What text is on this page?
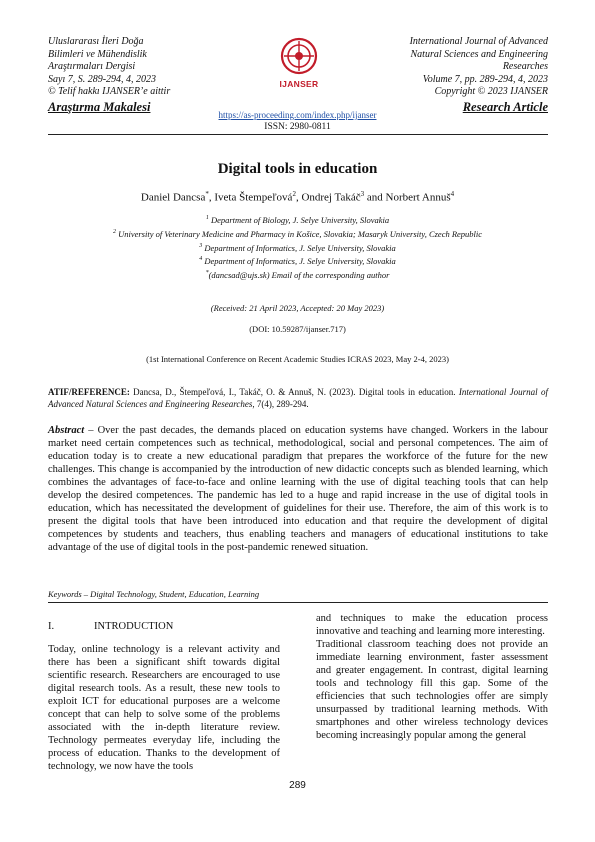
Uluslararası İleri Doğa
Bilimleri ve Mühendislik
Araştırmaları Dergisi
Sayı 7, S. 289-294, 4, 2023
© Telif hakkı IJANSER’e aittir
Araştırma Makalesi
IJANSER
International Journal of Advanced
Natural Sciences and Engineering
Researches
Volume 7, pp. 289-294, 4, 2023
Copyright © 2023 IJANSER
Research Article
https://as-proceeding.com/index.php/ijanser
ISSN: 2980-0811
Digital tools in education
Daniel Dancsa*, Iveta Štempeľová$^2$, Ondrej Takáč$^3$ and Norbert Annuš$^4$
$^1$ Department of Biology, J. Selye University, Slovakia
$^2$ University of Veterinary Medicine and Pharmacy in Košice, Slovakia; Masaryk University, Czech Republic
$^3$ Department of Informatics, J. Selye University, Slovakia
$^4$ Department of Informatics, J. Selye University, Slovakia
*(dancsad@ujs.sk) Email of the corresponding author
(Received: 21 April 2023, Accepted: 20 May 2023)
(DOI: 10.59287/ijanser.717)
(1st International Conference on Recent Academic Studies ICRAS 2023, May 2-4, 2023)
ATIF/REFERENCE: Dancsa, D., Štempeľová, I., Takáč, O. & Annuš, N. (2023). Digital tools in education. International Journal of Advanced Natural Sciences and Engineering Researches, 7(4), 289-294.
Abstract – Over the past decades, the demands placed on education systems have changed. Workers in the labour market need certain competences such as technical, methodological, social and personal competences. The aim of education today is to create a new educational paradigm that prepares the workforce of the future for the new challenges. This change is accompanied by the introduction of new didactic concepts such as blended learning, which combines the advantages of face-to-face and online learning with the use of digital teaching tools that can help develop the desired competences. The pandemic has led to a huge and rapid increase in the use of digital tools in education, which has necessitated the development of guidelines for their use. Therefore, the aim of this work is to present the digital tools that have been introduced into education and that require the development of digital competences by students and teachers, thus enabling teachers and managers of educational institutions to take advantage of the use of digital tools in the post-pandemic renewed situation.
Keywords – Digital Technology, Student, Education, Learning
I.	INTRODUCTION

Today, online technology is a relevant activity and there has been a significant shift towards digital scientific research. Researchers are encouraged to use digital research tools. As a result, these new tools to exploit ICT for educational purposes are a welcome concept that can help to solve some of the problems associated with the in-depth literature review. Technology permeates everyday life, including the process of education. Thanks to the development of technology, we now have the tools

and techniques to make the education process innovative and teaching and learning more interesting.

Traditional classroom teaching does not provide an immediate learning environment, faster assessment and greater engagement. In contrast, digital learning tools and technology fill this gap. Some of the efficiencies that such technologies offer are simply unsurpassed by traditional learning methods. With smartphones and other wireless technology devices becoming increasingly popular among the general

289
